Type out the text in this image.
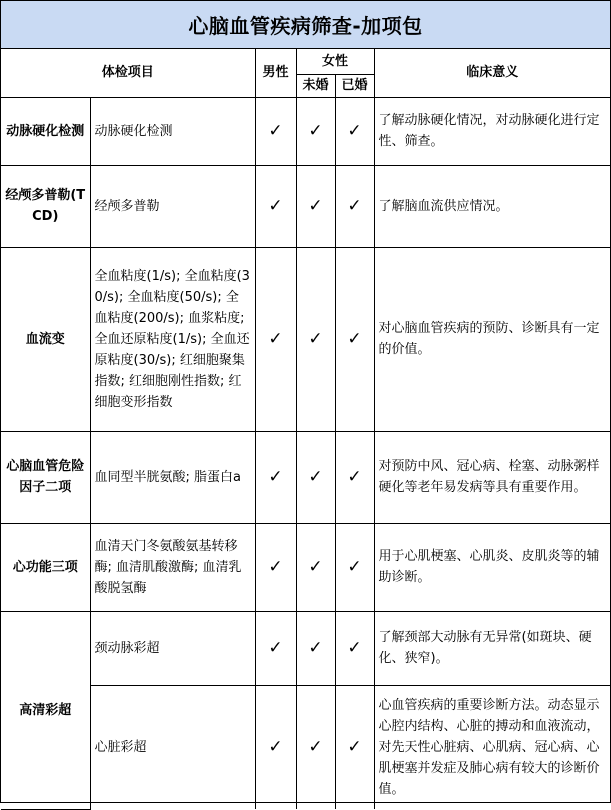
心脑血管疾病筛查-加项包
体检项目		男性	女性		临床意义
			未婚	已婚	
动脉硬化检测	动脉硬化检测	✓	✓	✓	了解动脉硬化情况，对动脉硬化进行定性、筛查。
经颅多普勒(TCD)	经颅多普勒	✓	✓	✓	了解脑血流供应情况。
血流变	全血粘度(1/s); 全血粘度(30/s); 全血粘度(50/s); 全血粘度(200/s); 血浆粘度; 全血还原粘度(1/s); 全血还原粘度(30/s); 红细胞聚集指数; 红细胞刚性指数; 红细胞变形指数	✓	✓	✓	对心脑血管疾病的预防、诊断具有一定的价值。
心脑血管危险因子二项	血同型半胱氨酸; 脂蛋白a	✓	✓	✓	对预防中风、冠心病、栓塞、动脉粥样硬化等老年易发病等具有重要作用。
心功能三项	血清天门冬氨酸氨基转移酶; 血清肌酸激酶; 血清乳酸脱氢酶	✓	✓	✓	用于心肌梗塞、心肌炎、皮肌炎等的辅助诊断。
高清彩超	颈动脉彩超	✓	✓	✓	了解颈部大动脉有无异常(如斑块、硬化、狭窄)。
	心脏彩超	✓	✓	✓	心血管疾病的重要诊断方法。动态显示心腔内结构、心脏的搏动和血液流动，对先天性心脏病、心肌病、冠心病、心肌梗塞并发症及肺心病有较大的诊断价值。
